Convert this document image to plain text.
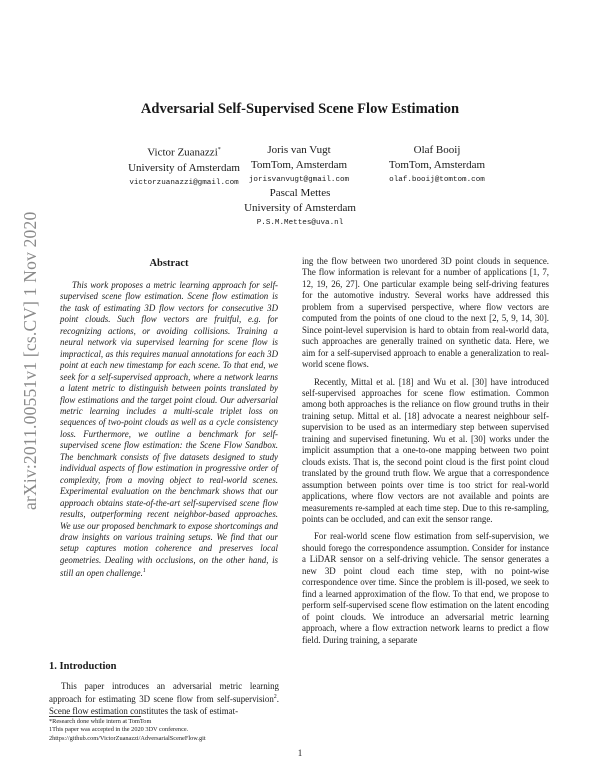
arXiv:2011.00551v1 [cs.CV] 1 Nov 2020
Adversarial Self-Supervised Scene Flow Estimation
Victor Zuanazzi*
University of Amsterdam
victorzuanazzi@gmail.com
Joris van Vugt
TomTom, Amsterdam
jorisvanvugt@gmail.com
Olaf Booij
TomTom, Amsterdam
olaf.booij@tomtom.com
Pascal Mettes
University of Amsterdam
P.S.M.Mettes@uva.nl
Abstract

This work proposes a metric learning approach for self-supervised scene flow estimation. Scene flow estimation is the task of estimating 3D flow vectors for consecutive 3D point clouds. Such flow vectors are fruitful, e.g. for recognizing actions, or avoiding collisions. Training a neural network via supervised learning for scene flow is impractical, as this requires manual annotations for each 3D point at each new timestamp for each scene. To that end, we seek for a self-supervised approach, where a network learns a latent metric to distinguish between points translated by flow estimations and the target point cloud. Our adversarial metric learning includes a multi-scale triplet loss on sequences of two-point clouds as well as a cycle consistency loss. Furthermore, we outline a benchmark for self-supervised scene flow estimation: the Scene Flow Sandbox. The benchmark consists of five datasets designed to study individual aspects of flow estimation in progressive order of complexity, from a moving object to real-world scenes. Experimental evaluation on the benchmark shows that our approach obtains state-of-the-art self-supervised scene flow results, outperforming recent neighbor-based approaches. We use our proposed benchmark to expose shortcomings and draw insights on various training setups. We find that our setup captures motion coherence and preserves local geometries. Dealing with occlusions, on the other hand, is still an open challenge.$^1$

1. Introduction

This paper introduces an adversarial metric learning approach for estimating 3D scene flow from self-supervision$^2$. Scene flow estimation constitutes the task of estimat-

*Research done while intern at TomTom
1This paper was accepted in the 2020 3DV conference.
2https://github.com/VictorZuanazzi/AdversarialSceneFlow.git

ing the flow between two unordered 3D point clouds in sequence. The flow information is relevant for a number of applications [1, 7, 12, 19, 26, 27]. One particular example being self-driving features for the automotive industry. Several works have addressed this problem from a supervised perspective, where flow vectors are computed from the points of one cloud to the next [2, 5, 9, 14, 30]. Since point-level supervision is hard to obtain from real-world data, such approaches are generally trained on synthetic data. Here, we aim for a self-supervised approach to enable a generalization to real-world scene flows.

Recently, Mittal et al. [18] and Wu et al. [30] have introduced self-supervised approaches for scene flow estimation. Common among both approaches is the reliance on flow ground truths in their training setup. Mittal et al. [18] advocate a nearest neighbour self-supervision to be used as an intermediary step between supervised training and supervised finetuning. Wu et al. [30] works under the implicit assumption that a one-to-one mapping between two point clouds exists. That is, the second point cloud is the first point cloud translated by the ground truth flow. We argue that a correspondence assumption between points over time is too strict for real-world applications, where flow vectors are not available and points are measurements re-sampled at each time step. Due to this re-sampling, points can be occluded, and can exit the sensor range.

For real-world scene flow estimation from self-supervision, we should forego the correspondence assumption. Consider for instance a LiDAR sensor on a self-driving vehicle. The sensor generates a new 3D point cloud each time step, with no point-wise correspondence over time. Since the problem is ill-posed, we seek to find a learned approximation of the flow. To that end, we propose to perform self-supervised scene flow estimation on the latent encoding of point clouds. We introduce an adversarial metric learning approach, where a flow extraction network learns to predict a flow field. During training, a separate

1
